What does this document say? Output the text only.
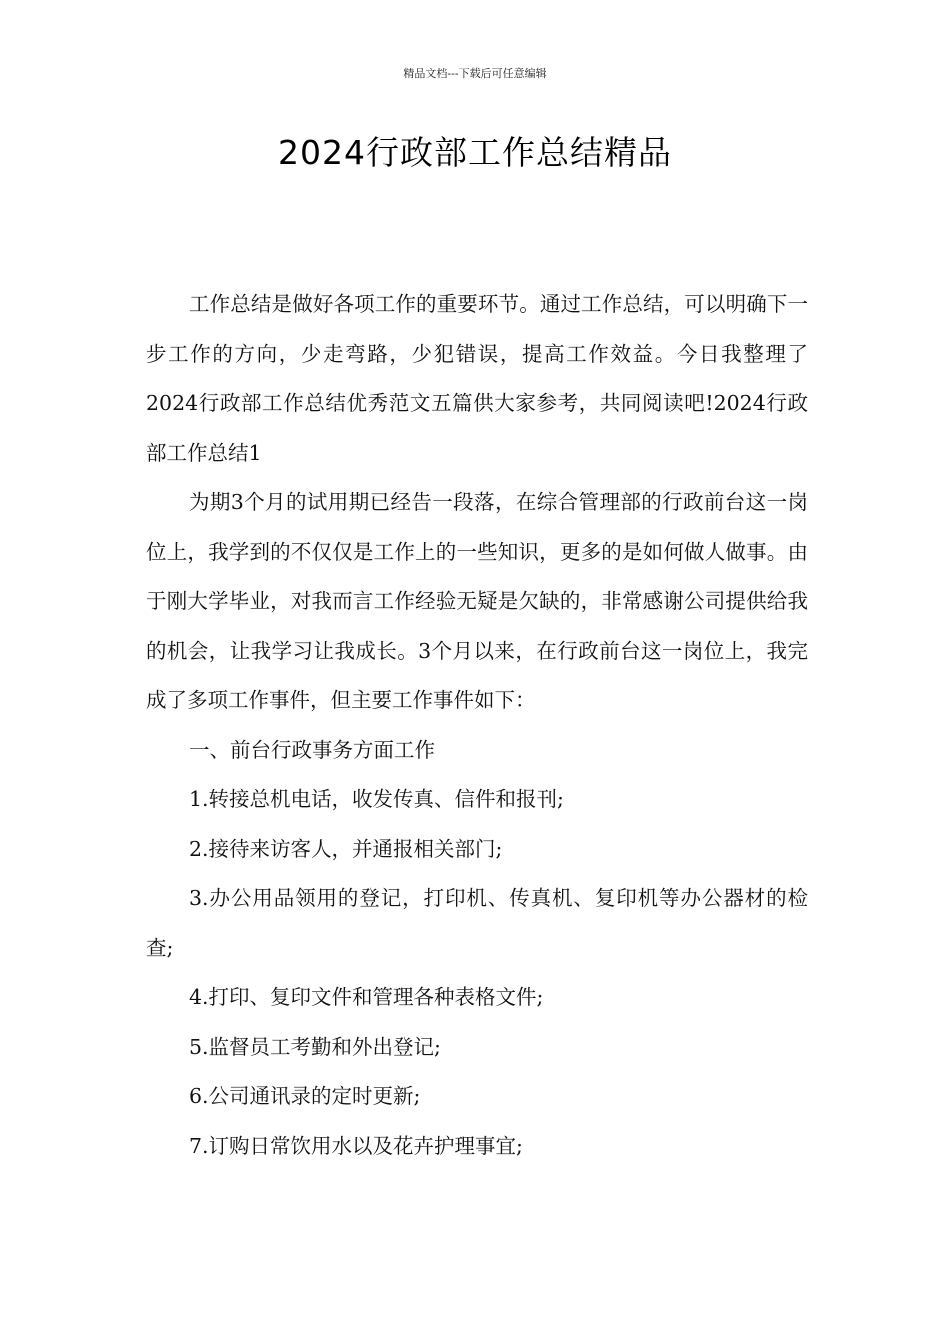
精品文档---下载后可任意编辑
2024行政部工作总结精品

工作总结是做好各项工作的重要环节。通过工作总结，可以明确下一步工作的方向，少走弯路，少犯错误，提高工作效益。今日我整理了2024行政部工作总结优秀范文五篇供大家参考，共同阅读吧!2024行政部工作总结1

为期3个月的试用期已经告一段落，在综合管理部的行政前台这一岗位上，我学到的不仅仅是工作上的一些知识，更多的是如何做人做事。由于刚大学毕业，对我而言工作经验无疑是欠缺的，非常感谢公司提供给我的机会，让我学习让我成长。3个月以来，在行政前台这一岗位上，我完成了多项工作事件，但主要工作事件如下：

一、前台行政事务方面工作

1.转接总机电话，收发传真、信件和报刊;

2.接待来访客人，并通报相关部门;

3.办公用品领用的登记，打印机、传真机、复印机等办公器材的检查;

4.打印、复印文件和管理各种表格文件;

5.监督员工考勤和外出登记;

6.公司通讯录的定时更新;

7.订购日常饮用水以及花卉护理事宜;
